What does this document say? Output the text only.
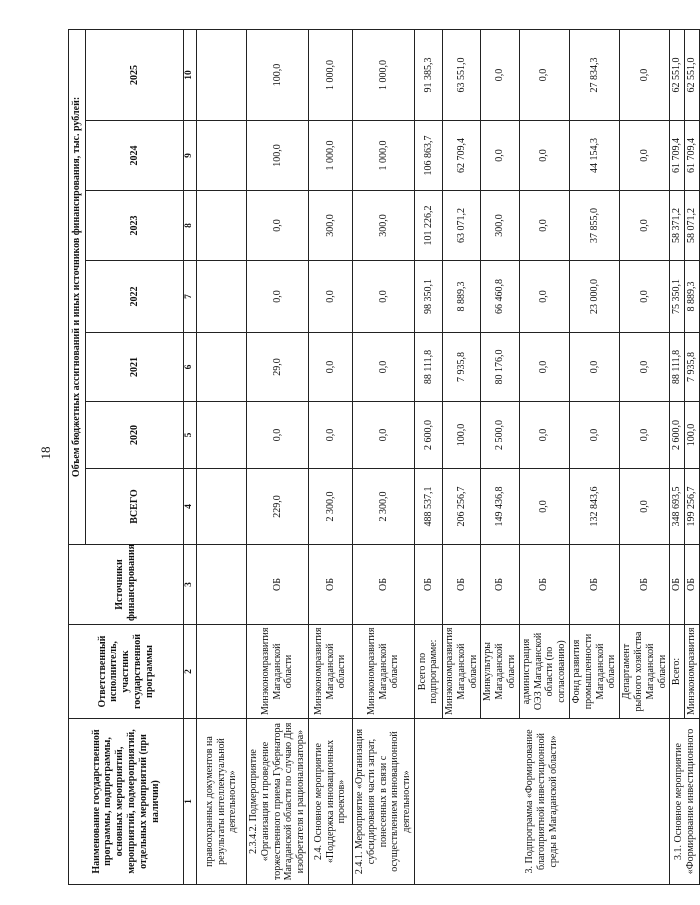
18
Наименование государственной программы, подпрограммы, основных мероприятий, мероприятий, подмероприятий, отдельных мероприятий (при наличии)	Ответственный исполнитель, участник государственной программы	Источники финансирования	Объем бюджетных ассигнований и иных источников финансирования, тыс. рублей:						
			ВСЕГО	2020	2021	2022	2023	2024	2025
1	2	3	4	5	6	7	8	9	10
правоохранных документов на результаты интеллектуальной деятельности»									
2.3.4.2. Подмероприятие «Организация и проведение торжественного приема Губернатора Магаданской области по случаю Дня изобретателя и рационализатора»	Минэкономразвития Магаданской области	ОБ	229,0	0,0	29,0	0,0	0,0	100,0	100,0
2.4. Основное мероприятие «Поддержка инновационных проектов»	Минэкономразвития Магаданской области	ОБ	2 300,0	0,0	0,0	0,0	300,0	1 000,0	1 000,0
2.4.1. Мероприятие «Организация субсидирования части затрат, понесенных в связи с осуществлением инновационной деятельности»	Минэкономразвития Магаданской области	ОБ	2 300,0	0,0	0,0	0,0	300,0	1 000,0	1 000,0
3. Подпрограмма «Формирование благоприятной инвестиционной среды в Магаданской области»	Всего по подпрограмме:	ОБ	488 537,1	2 600,0	88 111,8	98 350,1	101 226,2	106 863,7	91 385,3
	Минэкономразвития Магаданской области	ОБ	206 256,7	100,0	7 935,8	8 889,3	63 071,2	62 709,4	63 551,0
	Минкультуры Магаданской области	ОБ	149 436,8	2 500,0	80 176,0	66 460,8	300,0	0,0	0,0
	администрация ОЭЗ Магаданской области (по согласованию)	ОБ	0,0	0,0	0,0	0,0	0,0	0,0	0,0
	Фонд развития промышленности Магаданской области	ОБ	132 843,6	0,0	0,0	23 000,0	37 855,0	44 154,3	27 834,3
	Департамент рыбного хозяйства Магаданской области	ОБ	0,0	0,0	0,0	0,0	0,0	0,0	0,0
3.1. Основное мероприятие «Формирование инвестиционного	Всего:	ОБ	348 693,5	2 600,0	88 111,8	75 350,1	58 371,2	61 709,4	62 551,0
	Минэкономразвития	ОБ	199 256,7	100,0	7 935,8	8 889,3	58 071,2	61 709,4	62 551,0
